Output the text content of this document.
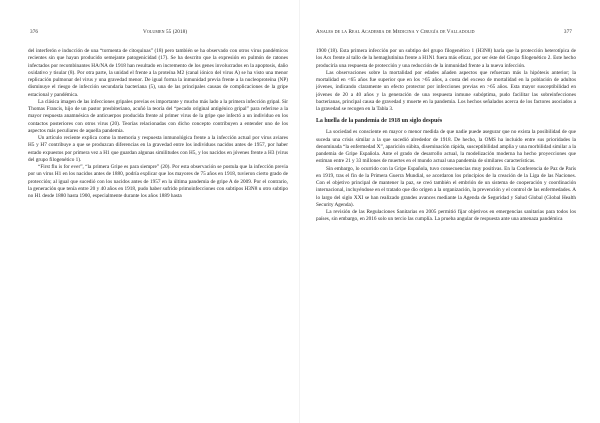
376	Volumen 55 (2018)

del interferón e inducción de una “tormenta de citoquinas” (18) pero también se ha observado con otros virus pandémicos recientes sin que hayan producido semejante patogenicidad (17). Se ha descrito que la expresión en pulmón de ratones infectados por recombinantes HA/NA de 1918 han resultado en incremento de los genes involucrados en la apoptosis, daño oxidativo y tisular (8). Por otra parte, la unidad el frente a la proteína M2 (canal iónico del virus A) se ha visto una menor replicación pulmonar del virus y una gravedad menor. De igual forma la inmunidad previa frente a la nucleoproteína (NP) disminuye el riesgo de infección secundaria bacteriana (5), una de las principales causas de complicaciones de la gripe estacional y pandémica.

La clásica imagen de las infecciones gripales previas es importante y mucho más lado a la primera infección gripal. Sir Thomas Francis, hijo de un pastor presbiteriano, acuñó la teoría del “pecado original antigénico gripal” para referirse a la mayor respuesta anamnésica de anticuerpos producida frente al primer virus de la gripe que infectó a un individuo en los contactos posteriores con otros virus (20). Teorías relacionadas con dicho concepto contribuyen a entender uno de los aspectos más peculiares de aquella pandemia.

Un artículo reciente explica como la memoria y respuesta inmunológica frente a la infección actual por virus aviares H5 y H7 contribuye a que se produzcan diferencias en la gravedad entre los individuos nacidos antes de 1957, por haber estado expuestos por primera vez a H1 que guardan algunas similitudes con H5, y los nacidos en jóvenes frente a H3 (virus del grupo filogenético 1).

“First flu is for ever”, “la primera Gripe es para siempre” (20). Por esta observación se postula que la infección previa por un virus H1 en los nacidos antes de 1880, podría explicar que los mayores de 75 años en 1918, tuvieron cierto grado de protección; al igual que sucedió con los nacidos antes de 1957 en la última pandemia de gripe A de 2009. Por el contrario, la generación que tenía entre 20 y 40 años en 1918, pudo haber sufrido primoinfecciones con subtipos H3N8 u otro subtipo no H1 desde 1880 hasta 1900, especialmente durante los años 1889 hasta

Anales de la Real Academia de Medicina y Cirugía de Valladolid	377

1900 (18). Esta primera infección por un subtipo del grupo filogenético 1 (H3N8) haría que la protección heterotípica de los Acs frente al tallo de la hemaglutinina frente a H1N1 fuera más eficaz, por ser éste del Grupo filogenético 2. Este hecho produciría una respuesta de protección y una reducción de la inmunidad frente a la nueva infección.

Las observaciones sobre la mortalidad por edades añaden aspectos que refuerzan más la hipótesis anterior; la mortalidad en <65 años fue superior que en los >65 años, a costa del exceso de mortalidad en la población de adultos jóvenes, indicando claramente un efecto protector por infecciones previas en >65 años. Esta mayor susceptibilidad en jóvenes de 20 a 40 años y la generación de una respuesta inmune subóptima, pudo facilitar las sobreinfecciones bacterianas, principal causa de gravedad y muerte en la pandemia. Los hechos señalados acerca de los factores asociados a la gravedad se recogen en la Tabla 3.

La huella de la pandemia de 1918 un siglo después

La sociedad es consciente en mayor o menor medida de que nadie puede asegurar que no exista la posibilidad de que suceda una crisis similar a la que sucedió alrededor de 1918. De hecho, la OMS ha incluido entre sus prioridades la denominada “la enfermedad X”, aparición súbita, diseminación rápida, susceptibilidad amplia y una morbilidad similar a la pandemia de Gripe Española. Ante el grado de desarrollo actual, la modelización moderna ha hecho proyecciones que estiman entre 21 y 33 millones de muertes en el mundo actual una pandemia de similares características.

Sin embargo, lo ocurrido con la Gripe Española, tuvo consecuencias muy positivas. En la Conferencia de Paz de París en 1919, tras el fin de la Primera Guerra Mundial, se acordaron los principios de la creación de la Liga de las Naciones. Con el objetivo principal de mantener la paz, se creó también el embrión de un sistema de cooperación y coordinación internacional, incluyéndose en el tratado que dio origen a la organización, la prevención y el control de las enfermedades. A lo largo del siglo XXI se han realizado grandes avances mediante la Agenda de Seguridad y Salud Global (Global Health Security Agenda).

La revisión de las Regulaciones Sanitarias en 2005 permitió fijar objetivos en emergencias sanitarias para todos los países, sin embargo, en 2016 solo un tercio las cumplía. La prueba angular de respuesta ante una amenaza pandémica
